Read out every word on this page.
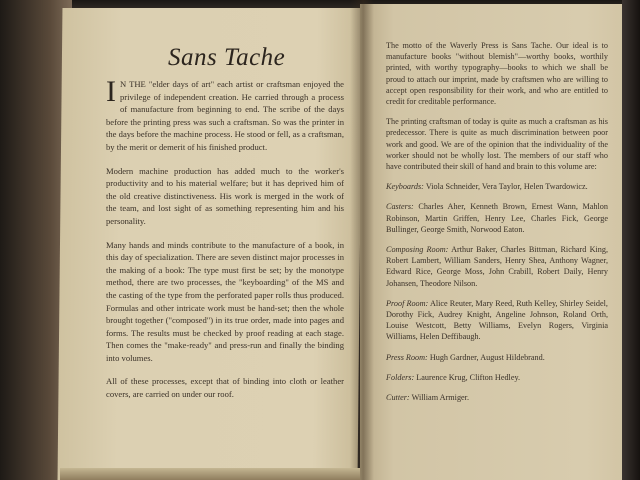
Sans Tache

I N THE "elder days of art" each artist or craftsman enjoyed the privilege of independent creation. He carried through a process of manufacture from beginning to end. The scribe of the days before the printing press was such a craftsman. So was the printer in the days before the machine process. He stood or fell, as a craftsman, by the merit or demerit of his finished product.

Modern machine production has added much to the worker's productivity and to his material welfare; but it has deprived him of the old creative distinctiveness. His work is merged in the work of the team, and lost sight of as something representing him and his personality.

Many hands and minds contribute to the manufacture of a book, in this day of specialization. There are seven distinct major processes in the making of a book: The type must first be set; by the monotype method, there are two processes, the "keyboarding" of the MS and the casting of the type from the perforated paper rolls thus produced. Formulas and other intricate work must be hand-set; then the whole brought together ("composed") in its true order, made into pages and forms. The results must be checked by proof reading at each stage. Then comes the "make-ready" and press-run and finally the binding into volumes.

All of these processes, except that of binding into cloth or leather covers, are carried on under our roof.

The motto of the Waverly Press is Sans Tache. Our ideal is to manufacture books "without blemish"—worthy books, worthily printed, with worthy typography—books to which we shall be proud to attach our imprint, made by craftsmen who are willing to accept open responsibility for their work, and who are entitled to credit for creditable performance.

The printing craftsman of today is quite as much a craftsman as his predecessor. There is quite as much discrimination between poor work and good. We are of the opinion that the individuality of the worker should not be wholly lost. The members of our staff who have contributed their skill of hand and brain to this volume are:

Keyboards: Viola Schneider, Vera Taylor, Helen Twardowicz.

Casters: Charles Aher, Kenneth Brown, Ernest Wann, Mahlon Robinson, Martin Griffen, Henry Lee, Charles Fick, George Bullinger, George Smith, Norwood Eaton.

Composing Room: Arthur Baker, Charles Bittman, Richard King, Robert Lambert, William Sanders, Henry Shea, Anthony Wagner, Edward Rice, George Moss, John Crabill, Robert Daily, Henry Johansen, Theodore Nilson.

Proof Room: Alice Reuter, Mary Reed, Ruth Kelley, Shirley Seidel, Dorothy Fick, Audrey Knight, Angeline Johnson, Roland Orth, Louise Westcott, Betty Williams, Evelyn Rogers, Virginia Williams, Helen Deffibaugh.

Press Room: Hugh Gardner, August Hildebrand.

Folders: Laurence Krug, Clifton Hedley.

Cutter: William Armiger.
